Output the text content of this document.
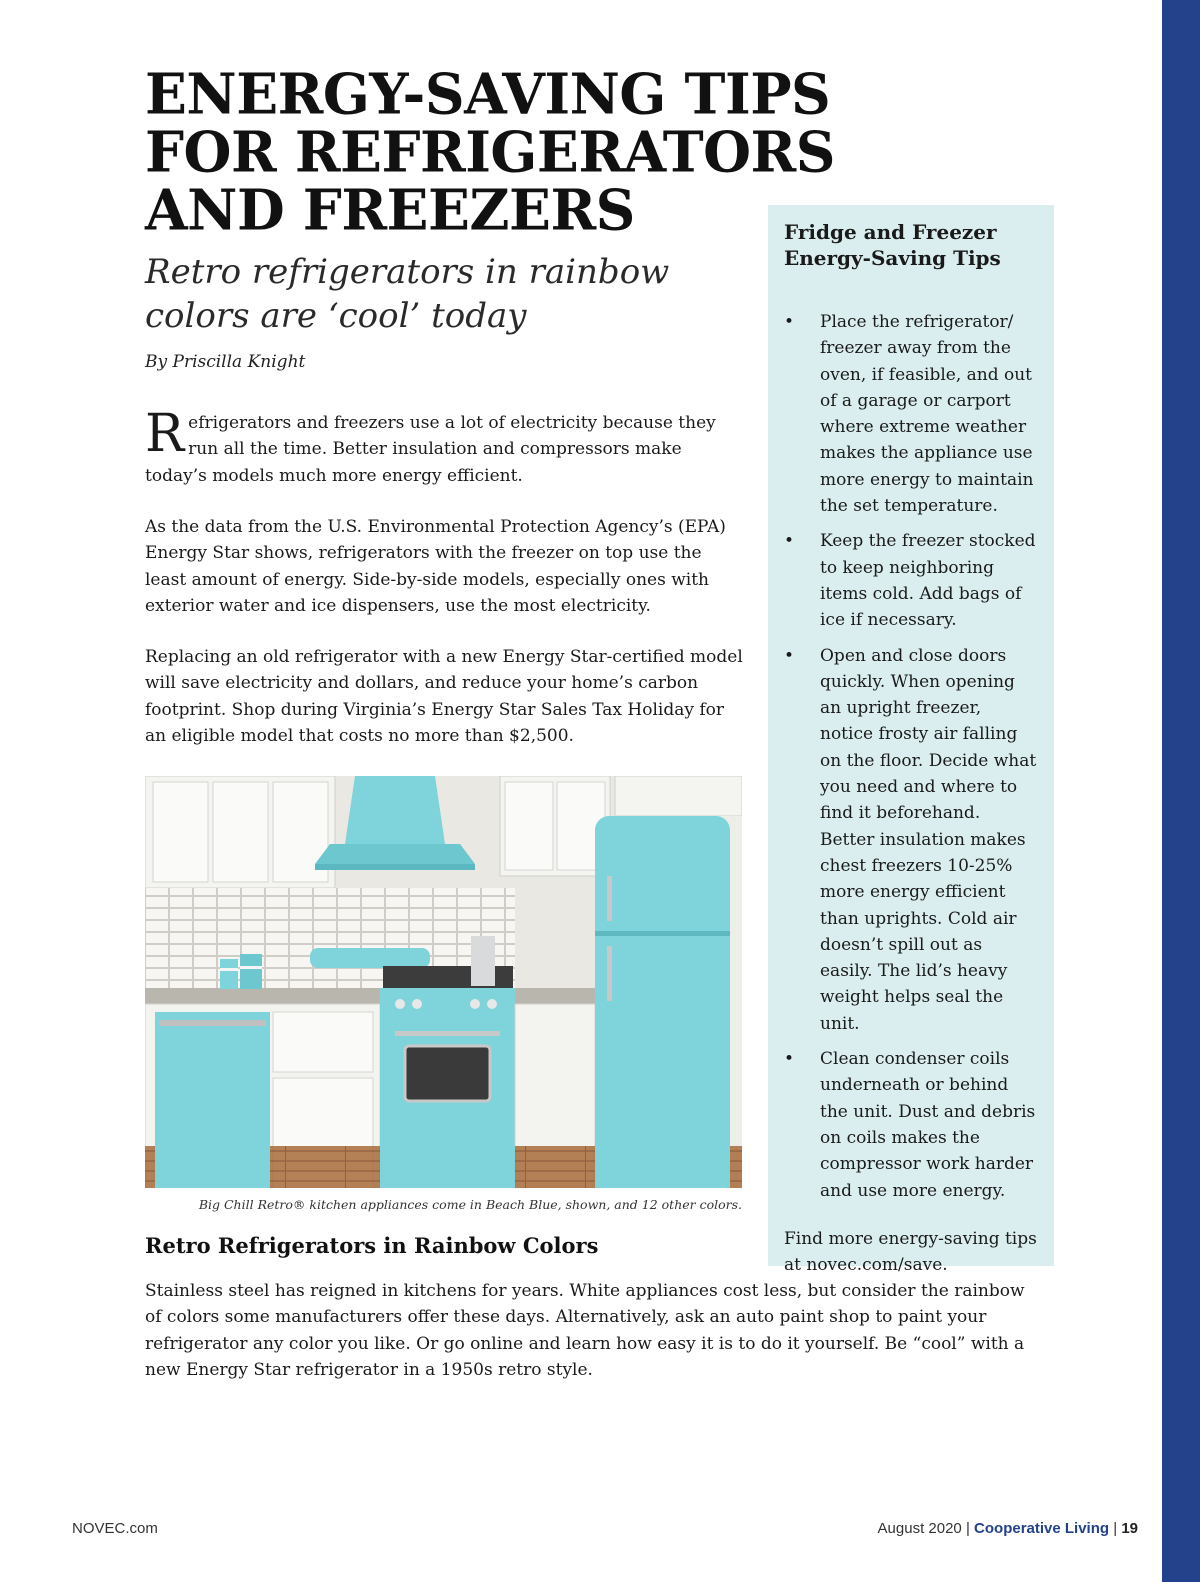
ENERGY-SAVING TIPS
FOR REFRIGERATORS
AND FREEZERS
Retro refrigerators in rainbow colors are ‘cool’ today
By Priscilla Knight

Refrigerators and freezers use a lot of electricity because they run all the time. Better insulation and compressors make today’s models much more energy efficient.

As the data from the U.S. Environmental Protection Agency’s (EPA) Energy Star shows, refrigerators with the freezer on top use the least amount of energy. Side-by-side models, especially ones with exterior water and ice dispensers, use the most electricity.

Replacing an old refrigerator with a new Energy Star-certified model will save electricity and dollars, and reduce your home’s carbon footprint. Shop during Virginia’s Energy Star Sales Tax Holiday for an eligible model that costs no more than $2,500.

Big Chill Retro® kitchen appliances come in Beach Blue, shown, and 12 other colors.
Retro Refrigerators in Rainbow Colors

Stainless steel has reigned in kitchens for years. White appliances cost less, but consider the rainbow of colors some manufacturers offer these days. Alternatively, ask an auto paint shop to paint your refrigerator any color you like. Or go online and learn how easy it is to do it yourself. Be “cool” with a new Energy Star refrigerator in a 1950s retro style.

Fridge and Freezer Energy-Saving Tips
• Place the refrigerator/ freezer away from the oven, if feasible, and out of a garage or carport where extreme weather makes the appliance use more energy to maintain the set temperature.
• Keep the freezer stocked to keep neighboring items cold. Add bags of ice if necessary.
• Open and close doors quickly. When opening an upright freezer, notice frosty air falling on the floor. Decide what you need and where to find it beforehand. Better insulation makes chest freezers 10-25% more energy efficient than uprights. Cold air doesn’t spill out as easily. The lid’s heavy weight helps seal the unit.
• Clean condenser coils underneath or behind the unit. Dust and debris on coils makes the compressor work harder and use more energy.
Find more energy-saving tips at novec.com/save.
NOVEC.com	August 2020 | Cooperative Living | 19
